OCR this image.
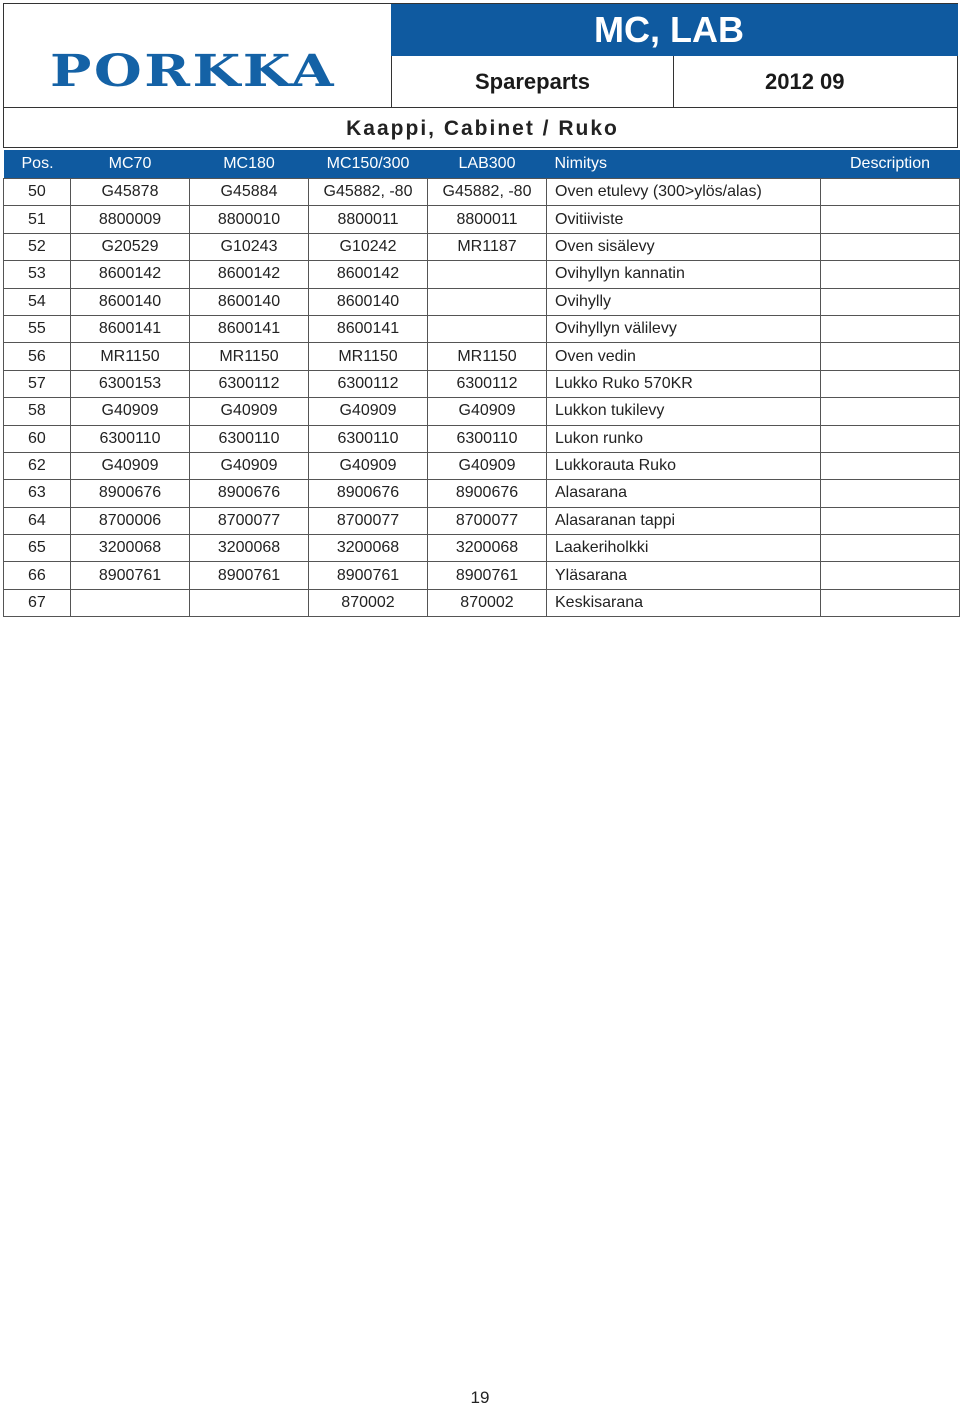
PORKKA
MC, LAB
Spareparts	2012 09
Kaappi, Cabinet / Ruko
Pos.	MC70	MC180	MC150/300	LAB300	Nimitys	Description
50	G45878	G45884	G45882, -80	G45882, -80	Oven etulevy (300>ylös/alas)	
51	8800009	8800010	8800011	8800011	Ovitiiviste	
52	G20529	G10243	G10242	MR1187	Oven sisälevy	
53	8600142	8600142	8600142		Ovihyllyn kannatin	
54	8600140	8600140	8600140		Ovihylly	
55	8600141	8600141	8600141		Ovihyllyn välilevy	
56	MR1150	MR1150	MR1150	MR1150	Oven vedin	
57	6300153	6300112	6300112	6300112	Lukko Ruko 570KR	
58	G40909	G40909	G40909	G40909	Lukkon tukilevy	
60	6300110	6300110	6300110	6300110	Lukon runko	
62	G40909	G40909	G40909	G40909	Lukkorauta Ruko	
63	8900676	8900676	8900676	8900676	Alasarana	
64	8700006	8700077	8700077	8700077	Alasaranan tappi	
65	3200068	3200068	3200068	3200068	Laakeriholkki	
66	8900761	8900761	8900761	8900761	Yläsarana	
67			870002	870002	Keskisarana	
19
